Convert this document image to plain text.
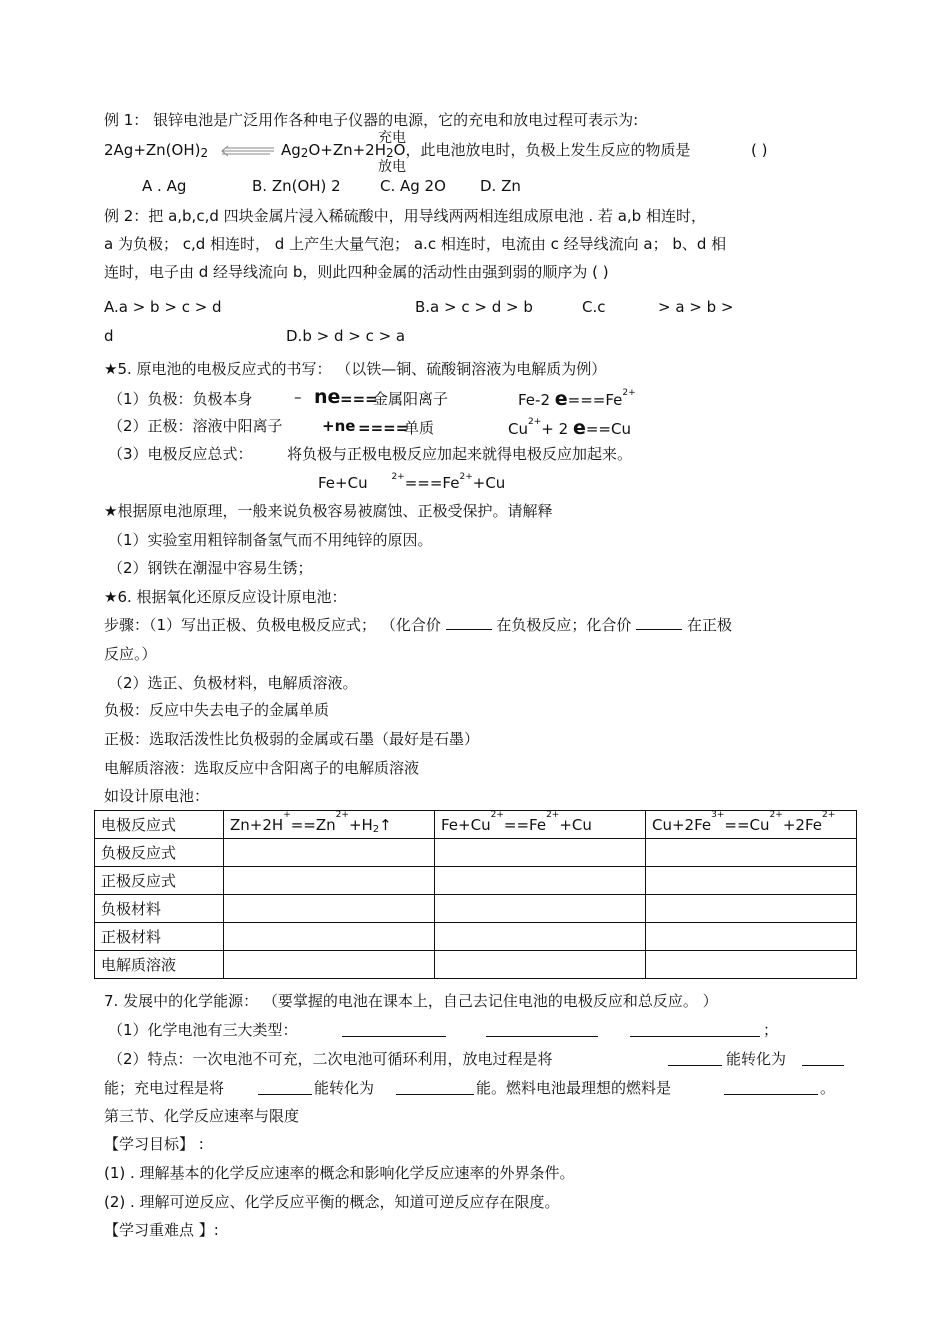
例 1： 银锌电池是广泛用作各种电子仪器的电源，它的充电和放电过程可表示为:
$2Ag+Zn(OH)_2$
充电
$Ag_2O+Zn+2H_2O$，此电池放电时，负极上发生反应的物质是
放电
( )
A . Ag	B. Zn(OH) 2	C. Ag 2O D. Zn
例 2：把 a,b,c,d 四块金属片浸入稀硫酸中，用导线两两相连组成原电池 . 若 a,b 相连时，
a 为负极； c,d 相连时， d 上产生大量气泡； a.c 相连时，电流由 c 经导线流向 a； b、d 相
连时，电子由 d 经导线流向 b，则此四种金属的活动性由强到弱的顺序为 ( )
A.a > b > c > d	B.a > c > d > b	C.c	> a > b >
d	D.b > d > c > a
★5. 原电池的电极反应式的书写： （以铁—铜、硫酸铜溶液为电解质为例）
（1）负极：负极本身	– ne ===
金属阳离子	Fe-2 $e===Fe^{2+}$
（2）正极：溶液中阳离子	+ne ====
单质	$Cu^{2+}+ 2$ e==Cu
（3）电极反应总式： 将负极与正极电极反应加起来就得电极反应加起来。
Fe+Cu	$^{2+}===Fe^{2+}+Cu$
★根据原电池原理，一般来说负极容易被腐蚀、正极受保护。请解释
（1）实验室用粗锌制备氢气而不用纯锌的原因。
（2）钢铁在潮湿中容易生锈；
★6. 根据氧化还原反应设计原电池：
步骤：（1）写出正极、负极电极反应式； （化合价	在负极反应；化合价	在正极
反应。）
（2）选正、负极材料，电解质溶液。
负极：反应中失去电子的金属单质
正极：选取活泼性比负极弱的金属或石墨（最好是石墨）
电解质溶液：选取反应中含阳离子的电解质溶液
如设计原电池：
电极反应式	$Zn+2H^+==Zn^{2+}+H_2↑$	$Fe+Cu^{2+}==Fe^{2+}+Cu$	$Cu+2Fe^{3+}==Cu^{2+}+2Fe^{2+}$
负极反应式			
正极反应式			
负极材料			
正极材料			
电解质溶液			
7. 发展中的化学能源： （要掌握的电池在课本上，自己去记住电池的电极反应和总反应。 ）
（1）化学电池有三大类型：	；
（2）特点：一次电池不可充，二次电池可循环利用，放电过程是将	能转化为
能；充电过程是将	能转化为	能。燃料电池最理想的燃料是	。
第三节、化学反应速率与限度
【学习目标】 :
(1) . 理解基本的化学反应速率的概念和影响化学反应速率的外界条件。
(2) . 理解可逆反应、化学反应平衡的概念，知道可逆反应存在限度。
【学习重难点 】:
